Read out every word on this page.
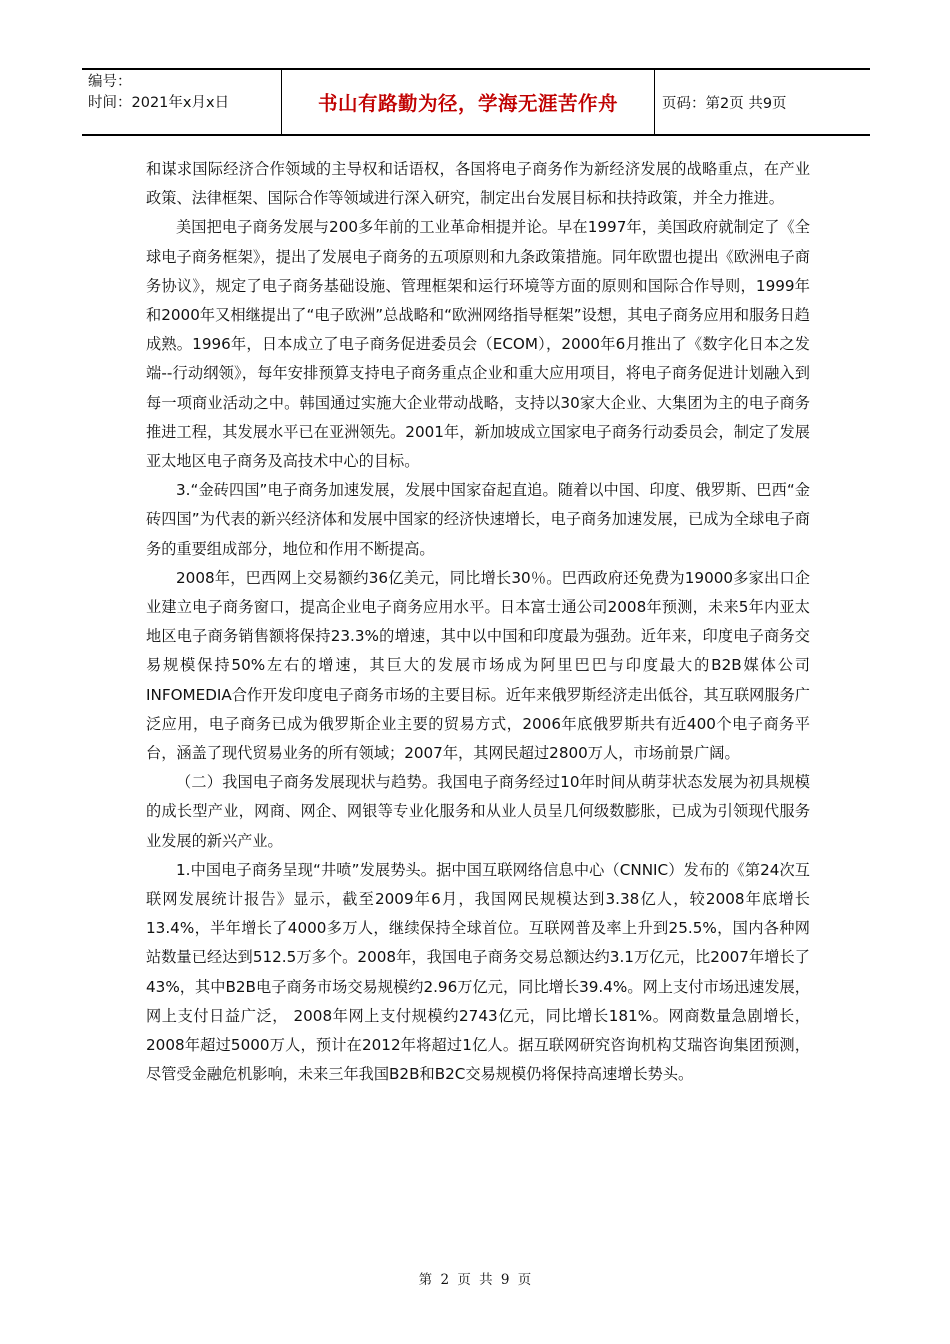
编号：
时间：2021年x月x日	书山有路勤为径，学海无涯苦作舟	页码：第2页 共9页

和谋求国际经济合作领域的主导权和话语权，各国将电子商务作为新经济发展的战略重点，在产业政策、法律框架、国际合作等领域进行深入研究，制定出台发展目标和扶持政策，并全力推进。

美国把电子商务发展与200多年前的工业革命相提并论。早在1997年，美国政府就制定了《全球电子商务框架》，提出了发展电子商务的五项原则和九条政策措施。同年欧盟也提出《欧洲电子商务协议》，规定了电子商务基础设施、管理框架和运行环境等方面的原则和国际合作导则，1999年和2000年又相继提出了“电子欧洲”总战略和“欧洲网络指导框架”设想，其电子商务应用和服务日趋成熟。1996年，日本成立了电子商务促进委员会（ECOM），2000年6月推出了《数字化日本之发端--行动纲领》，每年安排预算支持电子商务重点企业和重大应用项目，将电子商务促进计划融入到每一项商业活动之中。韩国通过实施大企业带动战略，支持以30家大企业、大集团为主的电子商务推进工程，其发展水平已在亚洲领先。2001年，新加坡成立国家电子商务行动委员会，制定了发展亚太地区电子商务及高技术中心的目标。

3.“金砖四国”电子商务加速发展，发展中国家奋起直追。随着以中国、印度、俄罗斯、巴西“金砖四国”为代表的新兴经济体和发展中国家的经济快速增长，电子商务加速发展，已成为全球电子商务的重要组成部分，地位和作用不断提高。

2008年，巴西网上交易额约36亿美元，同比增长30％。巴西政府还免费为19000多家出口企业建立电子商务窗口，提高企业电子商务应用水平。日本富士通公司2008年预测，未来5年内亚太地区电子商务销售额将保持23.3%的增速，其中以中国和印度最为强劲。近年来，印度电子商务交易规模保持50%左右的增速，其巨大的发展市场成为阿里巴巴与印度最大的B2B媒体公司INFOMEDIA合作开发印度电子商务市场的主要目标。近年来俄罗斯经济走出低谷，其互联网服务广泛应用，电子商务已成为俄罗斯企业主要的贸易方式，2006年底俄罗斯共有近400个电子商务平台，涵盖了现代贸易业务的所有领域；2007年，其网民超过2800万人，市场前景广阔。

（二）我国电子商务发展现状与趋势。我国电子商务经过10年时间从萌芽状态发展为初具规模的成长型产业，网商、网企、网银等专业化服务和从业人员呈几何级数膨胀，已成为引领现代服务业发展的新兴产业。

1.中国电子商务呈现“井喷”发展势头。据中国互联网络信息中心（CNNIC）发布的《第24次互联网发展统计报告》显示，截至2009年6月，我国网民规模达到3.38亿人，较2008年底增长13.4%，半年增长了4000多万人，继续保持全球首位。互联网普及率上升到25.5%，国内各种网站数量已经达到512.5万多个。2008年，我国电子商务交易总额达约3.1万亿元，比2007年增长了43%，其中B2B电子商务市场交易规模约2.96万亿元，同比增长39.4%。网上支付市场迅速发展，网上支付日益广泛， 2008年网上支付规模约2743亿元，同比增长181%。网商数量急剧增长，2008年超过5000万人，预计在2012年将超过1亿人。据互联网研究咨询机构艾瑞咨询集团预测，尽管受金融危机影响，未来三年我国B2B和B2C交易规模仍将保持高速增长势头。

第 2 页 共 9 页
